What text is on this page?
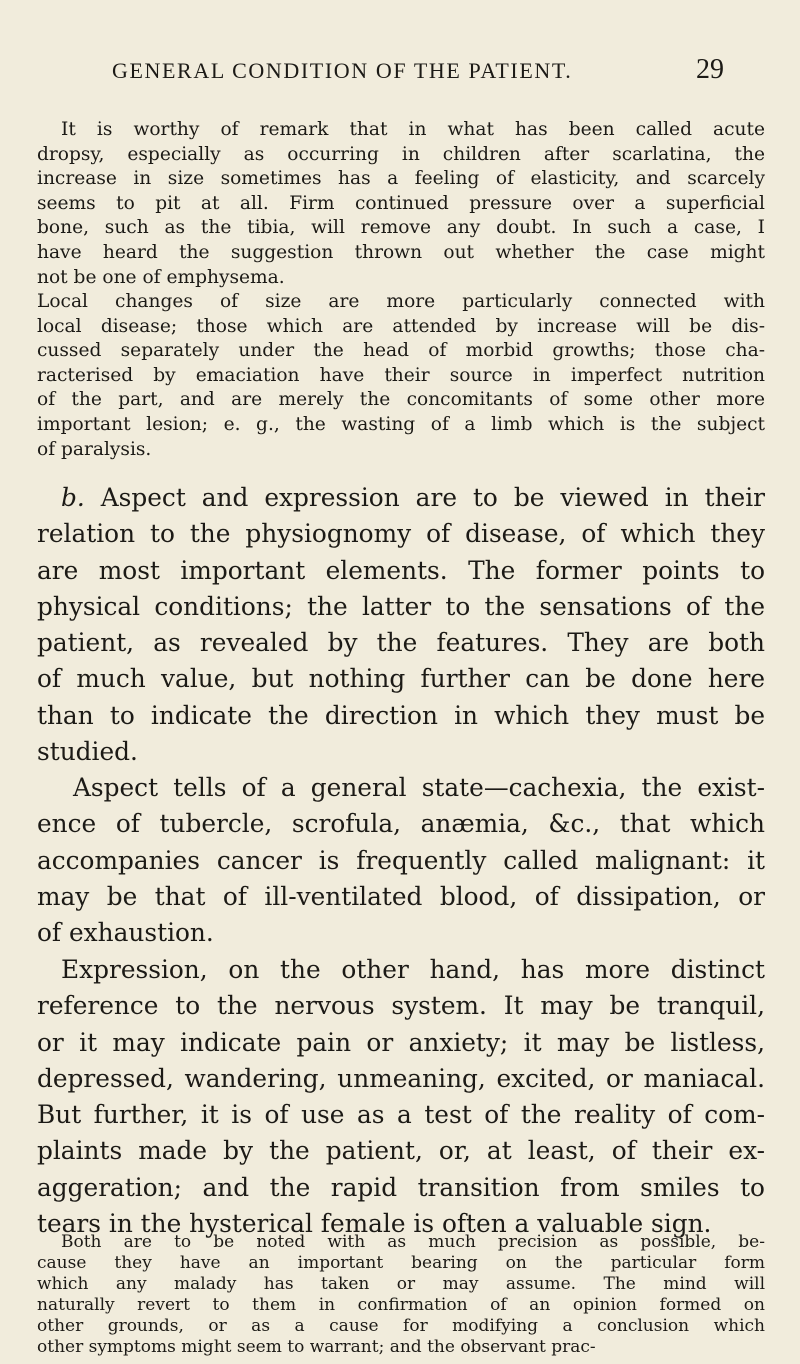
GENERAL CONDITION OF THE PATIENT.	29
It is worthy of remark that in what has been called acute
dropsy, especially as occurring in children after scarlatina, the
increase in size sometimes has a feeling of elasticity, and scarcely
seems to pit at all. Firm continued pressure over a superficial
bone, such as the tibia, will remove any doubt. In such a case, I
have heard the suggestion thrown out whether the case might
not be one of emphysema.
Local changes of size are more particularly connected with
local disease; those which are attended by increase will be dis-
cussed separately under the head of morbid growths; those cha-
racterised by emaciation have their source in imperfect nutrition
of the part, and are merely the concomitants of some other more
important lesion; e. g., the wasting of a limb which is the subject
of paralysis.
b. Aspect and expression are to be viewed in their
relation to the physiognomy of disease, of which they
are most important elements. The former points to
physical conditions; the latter to the sensations of the
patient, as revealed by the features. They are both
of much value, but nothing further can be done here
than to indicate the direction in which they must be
studied.
Aspect tells of a general state—cachexia, the exist-
ence of tubercle, scrofula, anæmia, &c., that which
accompanies cancer is frequently called malignant: it
may be that of ill-ventilated blood, of dissipation, or
of exhaustion.
Expression, on the other hand, has more distinct
reference to the nervous system. It may be tranquil,
or it may indicate pain or anxiety; it may be listless,
depressed, wandering, unmeaning, excited, or maniacal.
But further, it is of use as a test of the reality of com-
plaints made by the patient, or, at least, of their ex-
aggeration; and the rapid transition from smiles to
tears in the hysterical female is often a valuable sign.
Both are to be noted with as much precision as possible, be-
cause they have an important bearing on the particular form
which any malady has taken or may assume. The mind will
naturally revert to them in confirmation of an opinion formed on
other grounds, or as a cause for modifying a conclusion which
other symptoms might seem to warrant; and the observant prac-
